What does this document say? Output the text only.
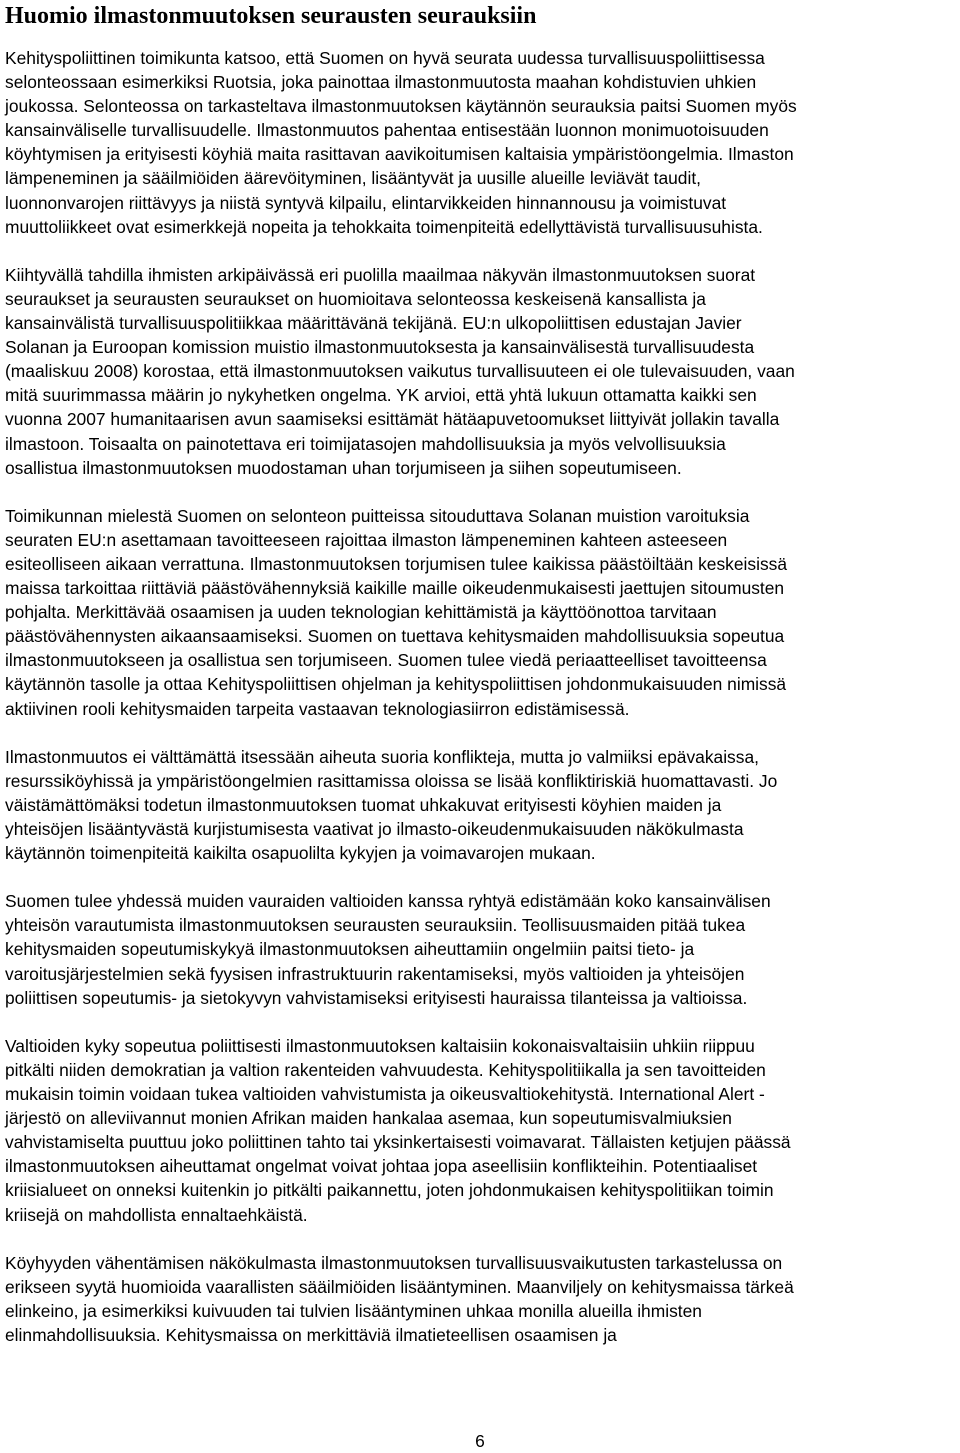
Huomio ilmastonmuutoksen seurausten seurauksiin
Kehityspoliittinen toimikunta katsoo, että Suomen on hyvä seurata uudessa turvallisuuspoliittisessa
selonteossaan esimerkiksi Ruotsia, joka painottaa ilmastonmuutosta maahan kohdistuvien uhkien
joukossa. Selonteossa on tarkasteltava ilmastonmuutoksen käytännön seurauksia paitsi Suomen myös
kansainväliselle turvallisuudelle. Ilmastonmuutos pahentaa entisestään luonnon monimuotoisuuden
köyhtymisen ja erityisesti köyhiä maita rasittavan aavikoitumisen kaltaisia ympäristöongelmia. Ilmaston
lämpeneminen ja sääilmiöiden äärevöityminen, lisääntyvät ja uusille alueille leviävät taudit,
luonnonvarojen riittävyys ja niistä syntyvä kilpailu, elintarvikkeiden hinnannousu ja voimistuvat
muuttoliikkeet ovat esimerkkejä nopeita ja tehokkaita toimenpiteitä edellyttävistä turvallisuusuhista.
Kiihtyvällä tahdilla ihmisten arkipäivässä eri puolilla maailmaa näkyvän ilmastonmuutoksen suorat
seuraukset ja seurausten seuraukset on huomioitava selonteossa keskeisenä kansallista ja
kansainvälistä turvallisuuspolitiikkaa määrittävänä tekijänä. EU:n ulkopoliittisen edustajan Javier
Solanan ja Euroopan komission muistio ilmastonmuutoksesta ja kansainvälisestä turvallisuudesta
(maaliskuu 2008) korostaa, että ilmastonmuutoksen vaikutus turvallisuuteen ei ole tulevaisuuden, vaan
mitä suurimmassa määrin jo nykyhetken ongelma. YK arvioi, että yhtä lukuun ottamatta kaikki sen
vuonna 2007 humanitaarisen avun saamiseksi esittämät hätäapuvetoomukset liittyivät jollakin tavalla
ilmastoon. Toisaalta on painotettava eri toimijatasojen mahdollisuuksia ja myös velvollisuuksia
osallistua ilmastonmuutoksen muodostaman uhan torjumiseen ja siihen sopeutumiseen.
Toimikunnan mielestä Suomen on selonteon puitteissa sitouduttava Solanan muistion varoituksia
seuraten EU:n asettamaan tavoitteeseen rajoittaa ilmaston lämpeneminen kahteen asteeseen
esiteolliseen aikaan verrattuna. Ilmastonmuutoksen torjumisen tulee kaikissa päästöiltään keskeisissä
maissa tarkoittaa riittäviä päästövähennyksiä kaikille maille oikeudenmukaisesti jaettujen sitoumusten
pohjalta. Merkittävää osaamisen ja uuden teknologian kehittämistä ja käyttöönottoa tarvitaan
päästövähennysten aikaansaamiseksi. Suomen on tuettava kehitysmaiden mahdollisuuksia sopeutua
ilmastonmuutokseen ja osallistua sen torjumiseen. Suomen tulee viedä periaatteelliset tavoitteensa
käytännön tasolle ja ottaa Kehityspoliittisen ohjelman ja kehityspoliittisen johdonmukaisuuden nimissä
aktiivinen rooli kehitysmaiden tarpeita vastaavan teknologiasiirron edistämisessä.
Ilmastonmuutos ei välttämättä itsessään aiheuta suoria konflikteja, mutta jo valmiiksi epävakaissa,
resurssiköyhissä ja ympäristöongelmien rasittamissa oloissa se lisää konfliktiriskiä huomattavasti. Jo
väistämättömäksi todetun ilmastonmuutoksen tuomat uhkakuvat erityisesti köyhien maiden ja
yhteisöjen lisääntyvästä kurjistumisesta vaativat jo ilmasto-oikeudenmukaisuuden näkökulmasta
käytännön toimenpiteitä kaikilta osapuolilta kykyjen ja voimavarojen mukaan.
Suomen tulee yhdessä muiden vauraiden valtioiden kanssa ryhtyä edistämään koko kansainvälisen
yhteisön varautumista ilmastonmuutoksen seurausten seurauksiin. Teollisuusmaiden pitää tukea
kehitysmaiden sopeutumiskykyä ilmastonmuutoksen aiheuttamiin ongelmiin paitsi tieto- ja
varoitusjärjestelmien sekä fyysisen infrastruktuurin rakentamiseksi, myös valtioiden ja yhteisöjen
poliittisen sopeutumis- ja sietokyvyn vahvistamiseksi erityisesti hauraissa tilanteissa ja valtioissa.
Valtioiden kyky sopeutua poliittisesti ilmastonmuutoksen kaltaisiin kokonaisvaltaisiin uhkiin riippuu
pitkälti niiden demokratian ja valtion rakenteiden vahvuudesta. Kehityspolitiikalla ja sen tavoitteiden
mukaisin toimin voidaan tukea valtioiden vahvistumista ja oikeusvaltiokehitystä. International Alert -
järjestö on alleviivannut monien Afrikan maiden hankalaa asemaa, kun sopeutumisvalmiuksien
vahvistamiselta puuttuu joko poliittinen tahto tai yksinkertaisesti voimavarat. Tällaisten ketjujen päässä
ilmastonmuutoksen aiheuttamat ongelmat voivat johtaa jopa aseellisiin konflikteihin. Potentiaaliset
kriisialueet on onneksi kuitenkin jo pitkälti paikannettu, joten johdonmukaisen kehityspolitiikan toimin
kriisejä on mahdollista ennaltaehkäistä.
Köyhyyden vähentämisen näkökulmasta ilmastonmuutoksen turvallisuusvaikutusten tarkastelussa on
erikseen syytä huomioida vaarallisten sääilmiöiden lisääntyminen. Maanviljely on kehitysmaissa tärkeä
elinkeino, ja esimerkiksi kuivuuden tai tulvien lisääntyminen uhkaa monilla alueilla ihmisten
elinmahdollisuuksia. Kehitysmaissa on merkittäviä ilmatieteellisen osaamisen ja
6
